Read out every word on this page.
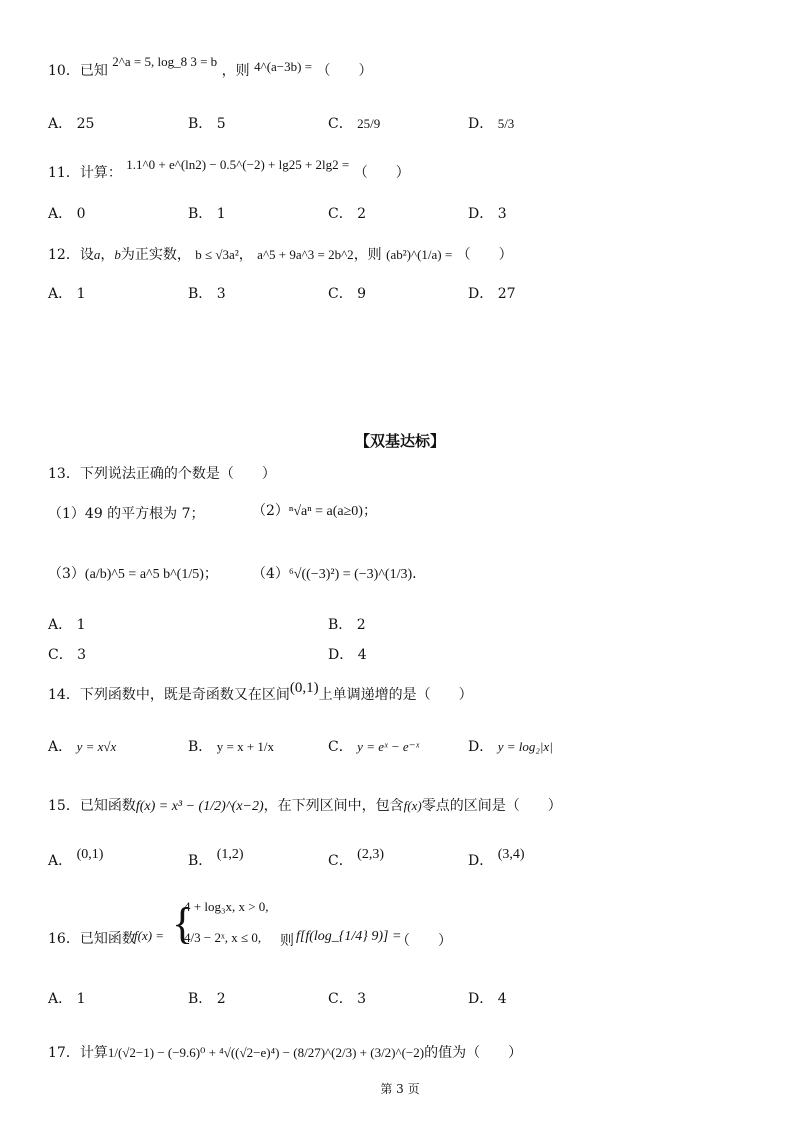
10．已知 2^a = 5, log_8 3 = b ，则 4^(a−3b) = （　　）
A． 25	B． 5	C． 25/9	D． 5/3
11．计算： 1.1^0 + e^(ln2) − 0.5^(−2) + lg25 + 2lg2 = （　　）
A． 0	B． 1	C． 2	D． 3
12．设a，b为正实数， b ≤ √3a²， a^5 + 9a^3 = 2b^2，则 (ab²)^(1/a) = （　　）
A． 1	B． 3	C． 9	D． 27
【双基达标】
13．下列说法正确的个数是（　　）
（1）49 的平方根为 7；	（2）ⁿ√aⁿ = a(a≥0)；
（3）(a/b)^5 = a^5 b^(1/5)； （4）⁶√((−3)²) = (−3)^(1/3).
A． 1	B． 2
C． 3	D． 4
14．下列函数中，既是奇函数又在区间(0,1)上单调递增的是（　　）
A． y = x√x	B． y = x + 1/x	C． y = eˣ − e⁻ˣ	D． y = log₂|x|
15．已知函数f(x) = x³ − (1/2)^(x−2)，在下列区间中，包含f(x)零点的区间是（　　）
A． (0,1)	B． (1,2)	C． (2,3)	D． (3,4)
16．已知函数
f(x) = {
4 + log₃x, x > 0,
4/3 − 2ˣ, x ≤ 0, 则 f[f(log_{1/4} 9)] =
（　　）
A． 1	B． 2	C． 3	D． 4
17．计算1/(√2−1) − (−9.6)⁰ + ⁴√((√2−e)⁴) − (8/27)^(2/3) + (3/2)^(−2)的值为（　　）
第 3 页
